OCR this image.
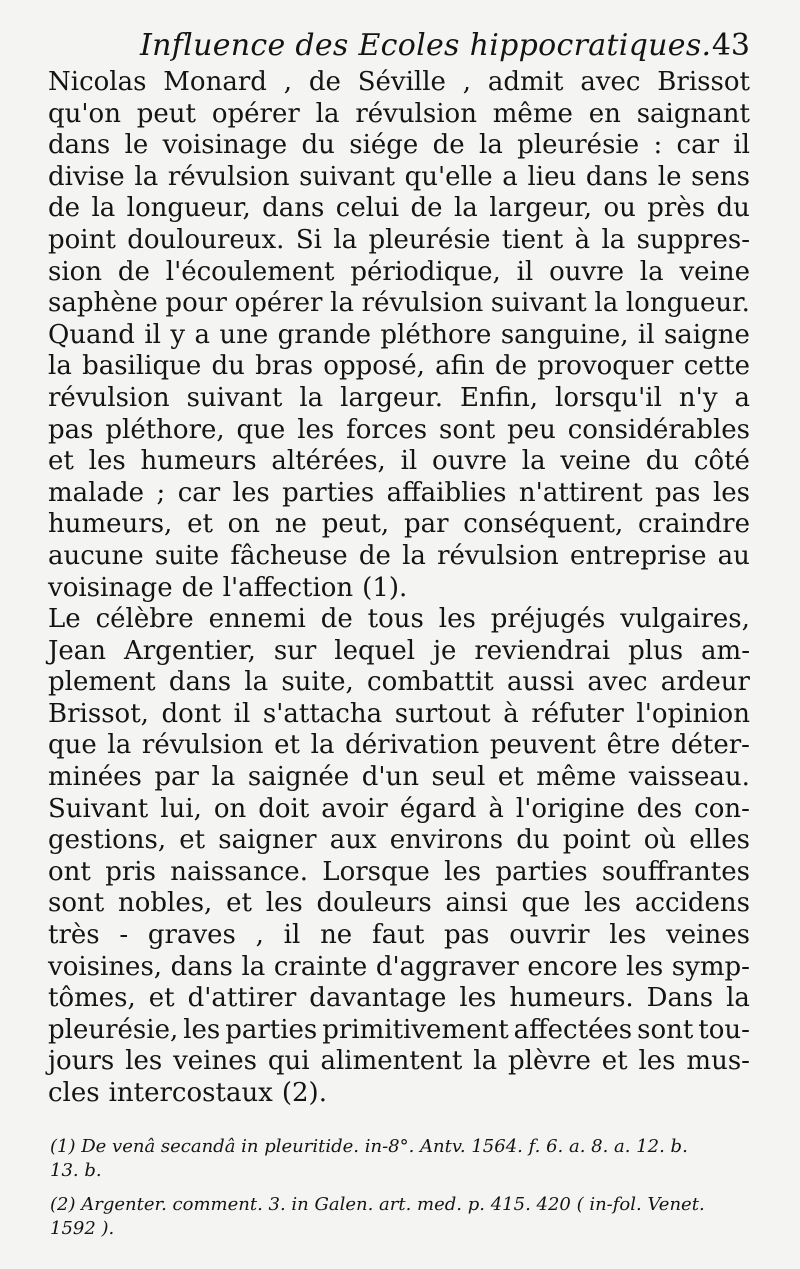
Influence des Ecoles hippocratiques. 43
Nicolas Monard , de Séville , admit avec Brissot
qu'on peut opérer la révulsion même en saignant
dans le voisinage du siége de la pleurésie : car il
divise la révulsion suivant qu'elle a lieu dans le sens
de la longueur, dans celui de la largeur, ou près du
point douloureux. Si la pleurésie tient à la suppres-
sion de l'écoulement périodique, il ouvre la veine
saphène pour opérer la révulsion suivant la longueur.
Quand il y a une grande pléthore sanguine, il saigne
la basilique du bras opposé, afin de provoquer cette
révulsion suivant la largeur. Enfin, lorsqu'il n'y a
pas pléthore, que les forces sont peu considérables
et les humeurs altérées, il ouvre la veine du côté
malade ; car les parties affaiblies n'attirent pas les
humeurs, et on ne peut, par conséquent, craindre
aucune suite fâcheuse de la révulsion entreprise au
voisinage de l'affection (1).
Le célèbre ennemi de tous les préjugés vulgaires,
Jean Argentier, sur lequel je reviendrai plus am-
plement dans la suite, combattit aussi avec ardeur
Brissot, dont il s'attacha surtout à réfuter l'opinion
que la révulsion et la dérivation peuvent être déter-
minées par la saignée d'un seul et même vaisseau.
Suivant lui, on doit avoir égard à l'origine des con-
gestions, et saigner aux environs du point où elles
ont pris naissance. Lorsque les parties souffrantes
sont nobles, et les douleurs ainsi que les accidens
très - graves , il ne faut pas ouvrir les veines
voisines, dans la crainte d'aggraver encore les symp-
tômes, et d'attirer davantage les humeurs. Dans la
pleurésie, les parties primitivement affectées sont tou-
jours les veines qui alimentent la plèvre et les mus-
cles intercostaux (2).
(1) De venâ secandâ in pleuritide. in-8°. Antv. 1564. f. 6. a. 8. a. 12. b.
13. b.
(2) Argenter. comment. 3. in Galen. art. med. p. 415. 420 ( in-fol. Venet.
1592 ).
